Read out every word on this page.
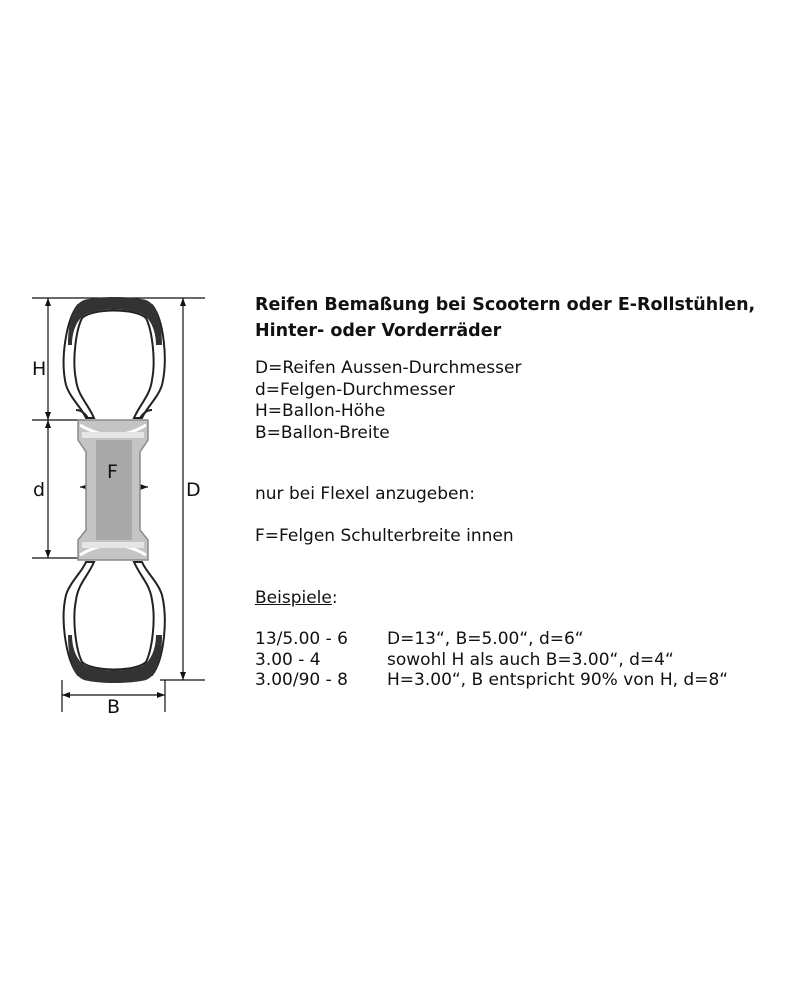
H
d
F
D
B

Reifen Bemaßung bei Scootern oder E-Rollstühlen,

Hinter- oder Vorderräder

D=Reifen Aussen-Durchmesser

d=Felgen-Durchmesser

H=Ballon-Höhe

B=Ballon-Breite

nur bei Flexel anzugeben:

F=Felgen Schulterbreite innen

Beispiele:

13/5.00 - 6 D=13“, B=5.00“, d=6“

3.00 - 4	sowohl H als auch B=3.00“, d=4“

3.00/90 - 8 H=3.00“, B entspricht 90% von H, d=8“
